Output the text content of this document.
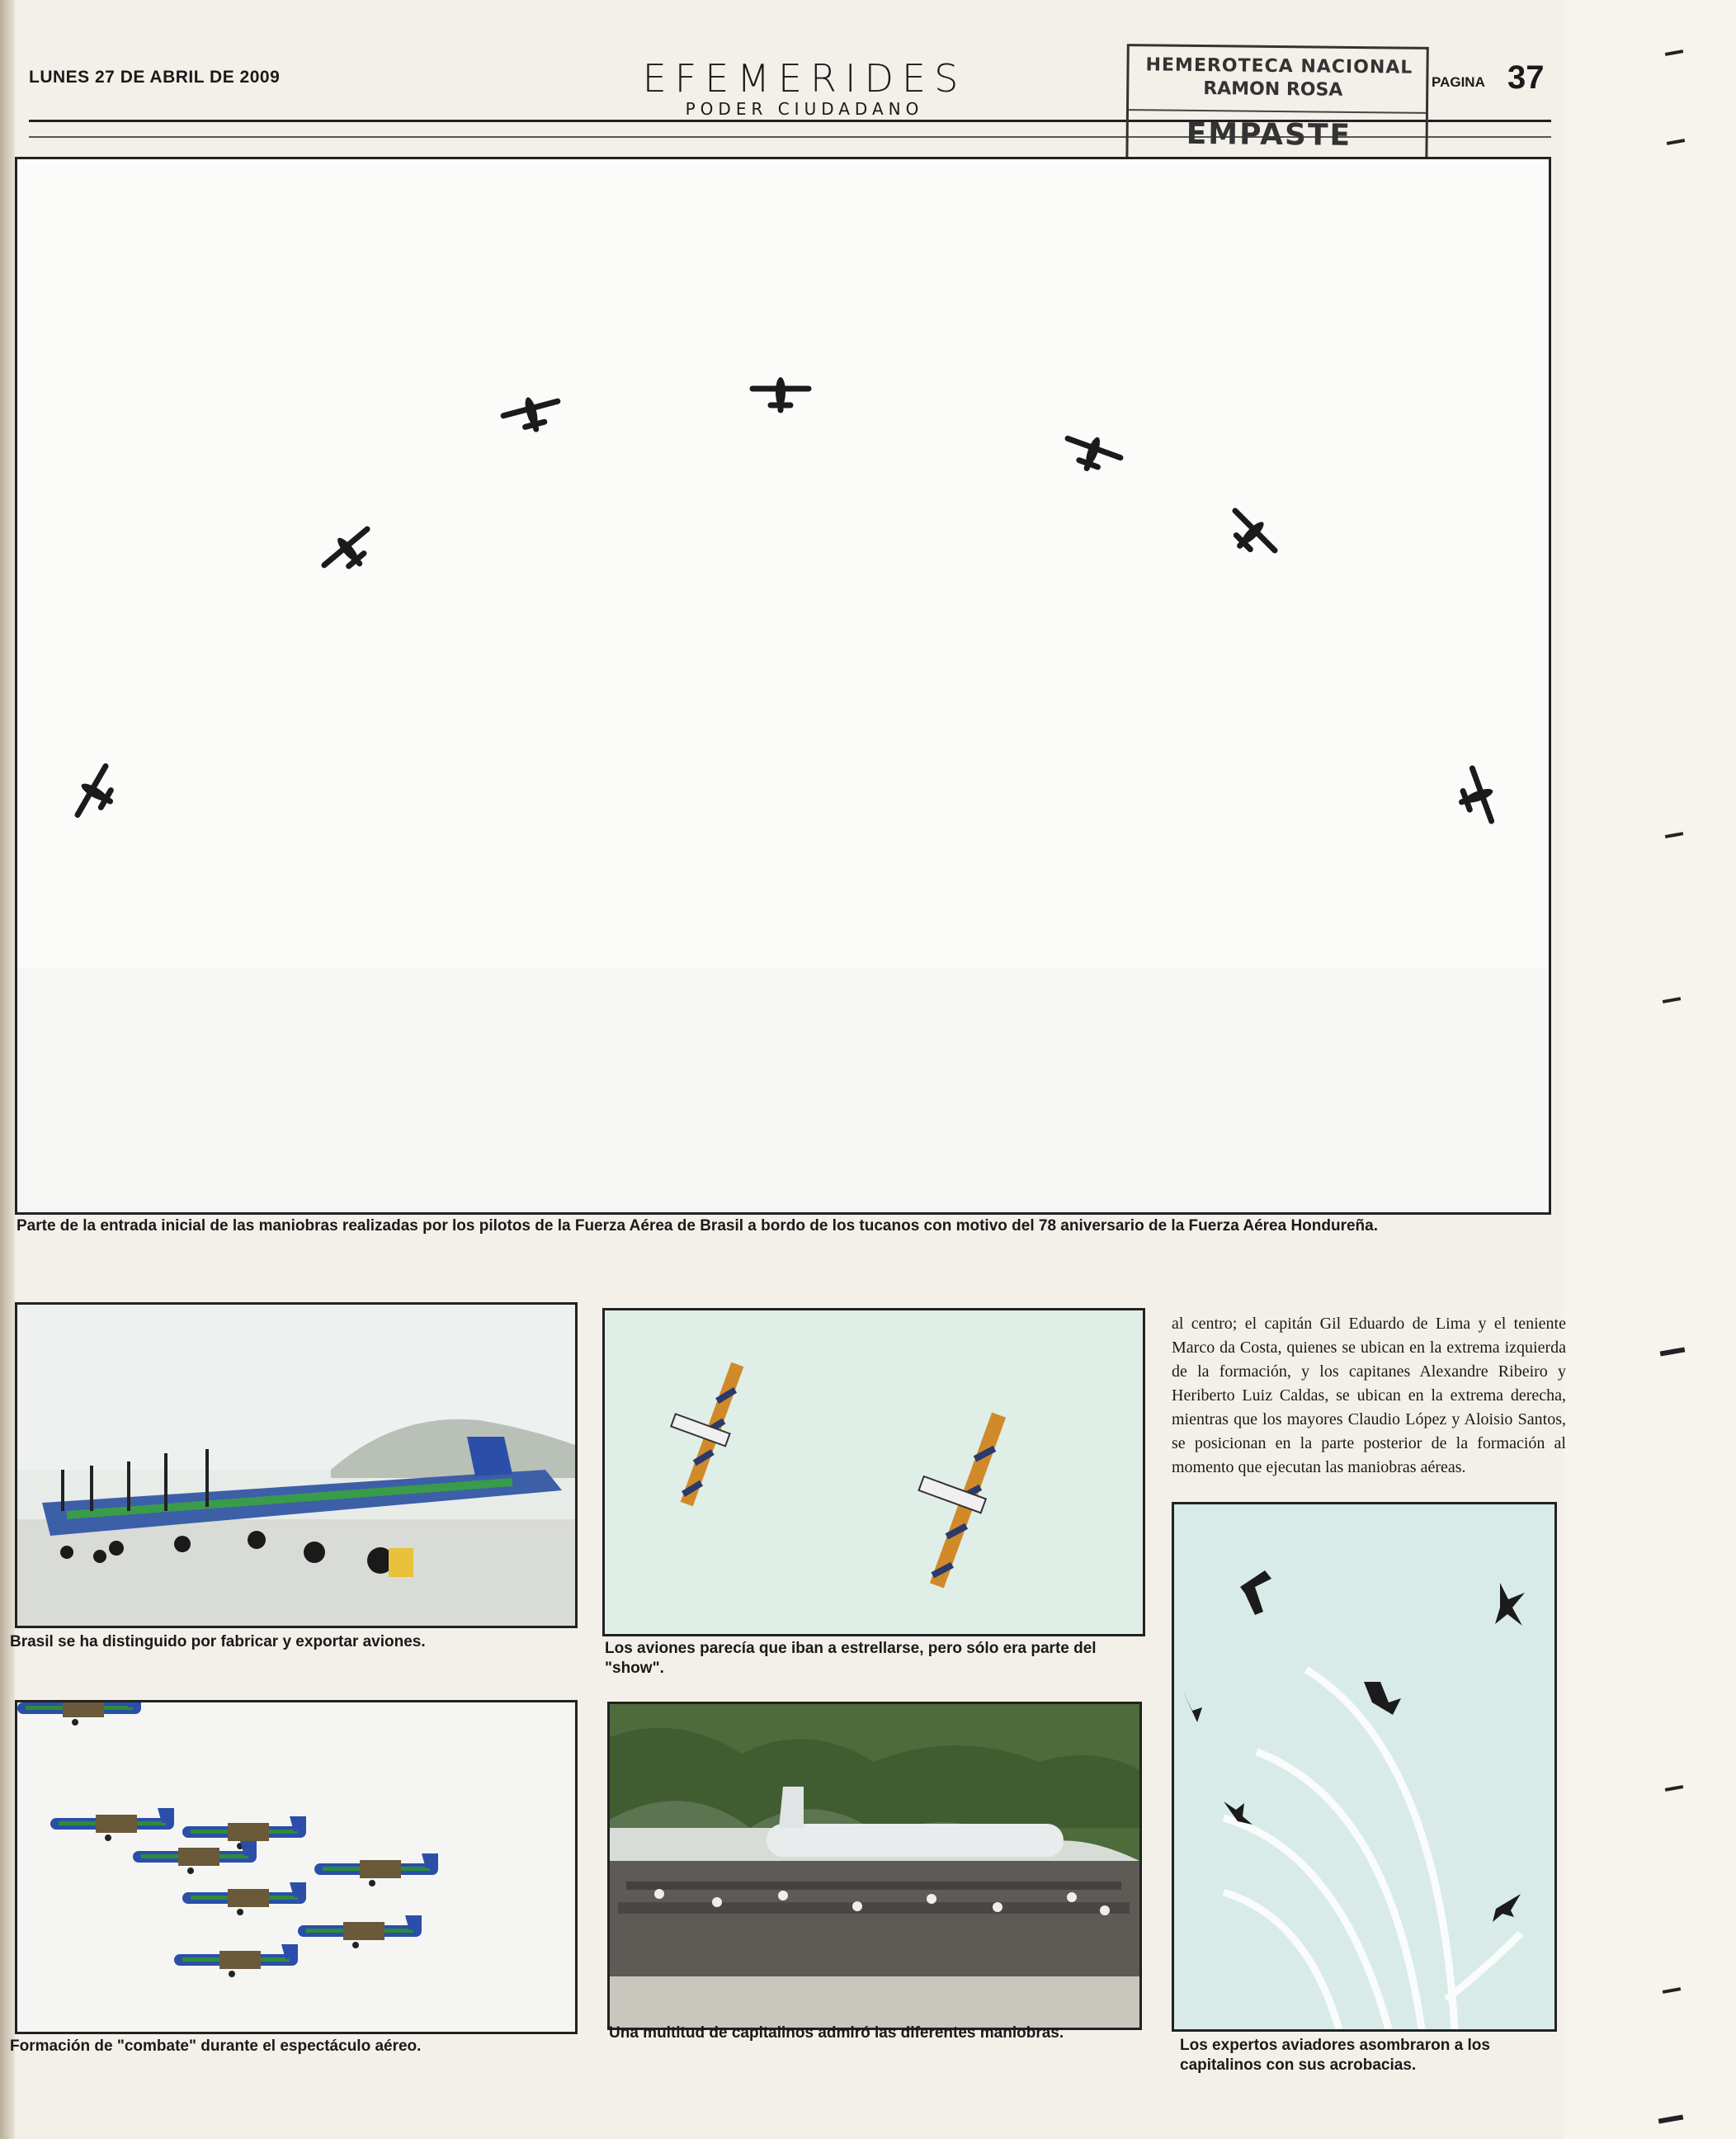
LUNES 27 DE ABRIL DE 2009	EFEMERIDES
PODER CIUDADANO
PAGINA 37
HEMEROTECA NACIONAL
RAMON ROSA
EMPASTE
Parte de la entrada inicial de las maniobras realizadas por los pilotos de la Fuerza Aérea de Brasil a bordo de los tucanos con motivo del 78 aniversario de la Fuerza Aérea Hondureña.
Brasil se ha distinguido por fabricar y exportar aviones.	Los aviones parecía que iban a estrellarse, pero sólo era parte del "show".
al centro; el capitán Gil Eduardo de Lima y el teniente Marco da Costa, quienes se ubican en la extrema izquierda de la formación, y los capitanes Alexandre Ribeiro y Heriberto Luiz Caldas, se ubican en la extrema derecha, mientras que los mayores Claudio López y Aloisio Santos, se posicionan en la parte posterior de la formación al momento que ejecutan las maniobras aéreas.
Los expertos aviadores asombraron a los capitalinos con sus acrobacias.
Formación de "combate" durante el espectáculo aéreo.
Una multitud de capitalinos admiró las diferentes maniobras.
